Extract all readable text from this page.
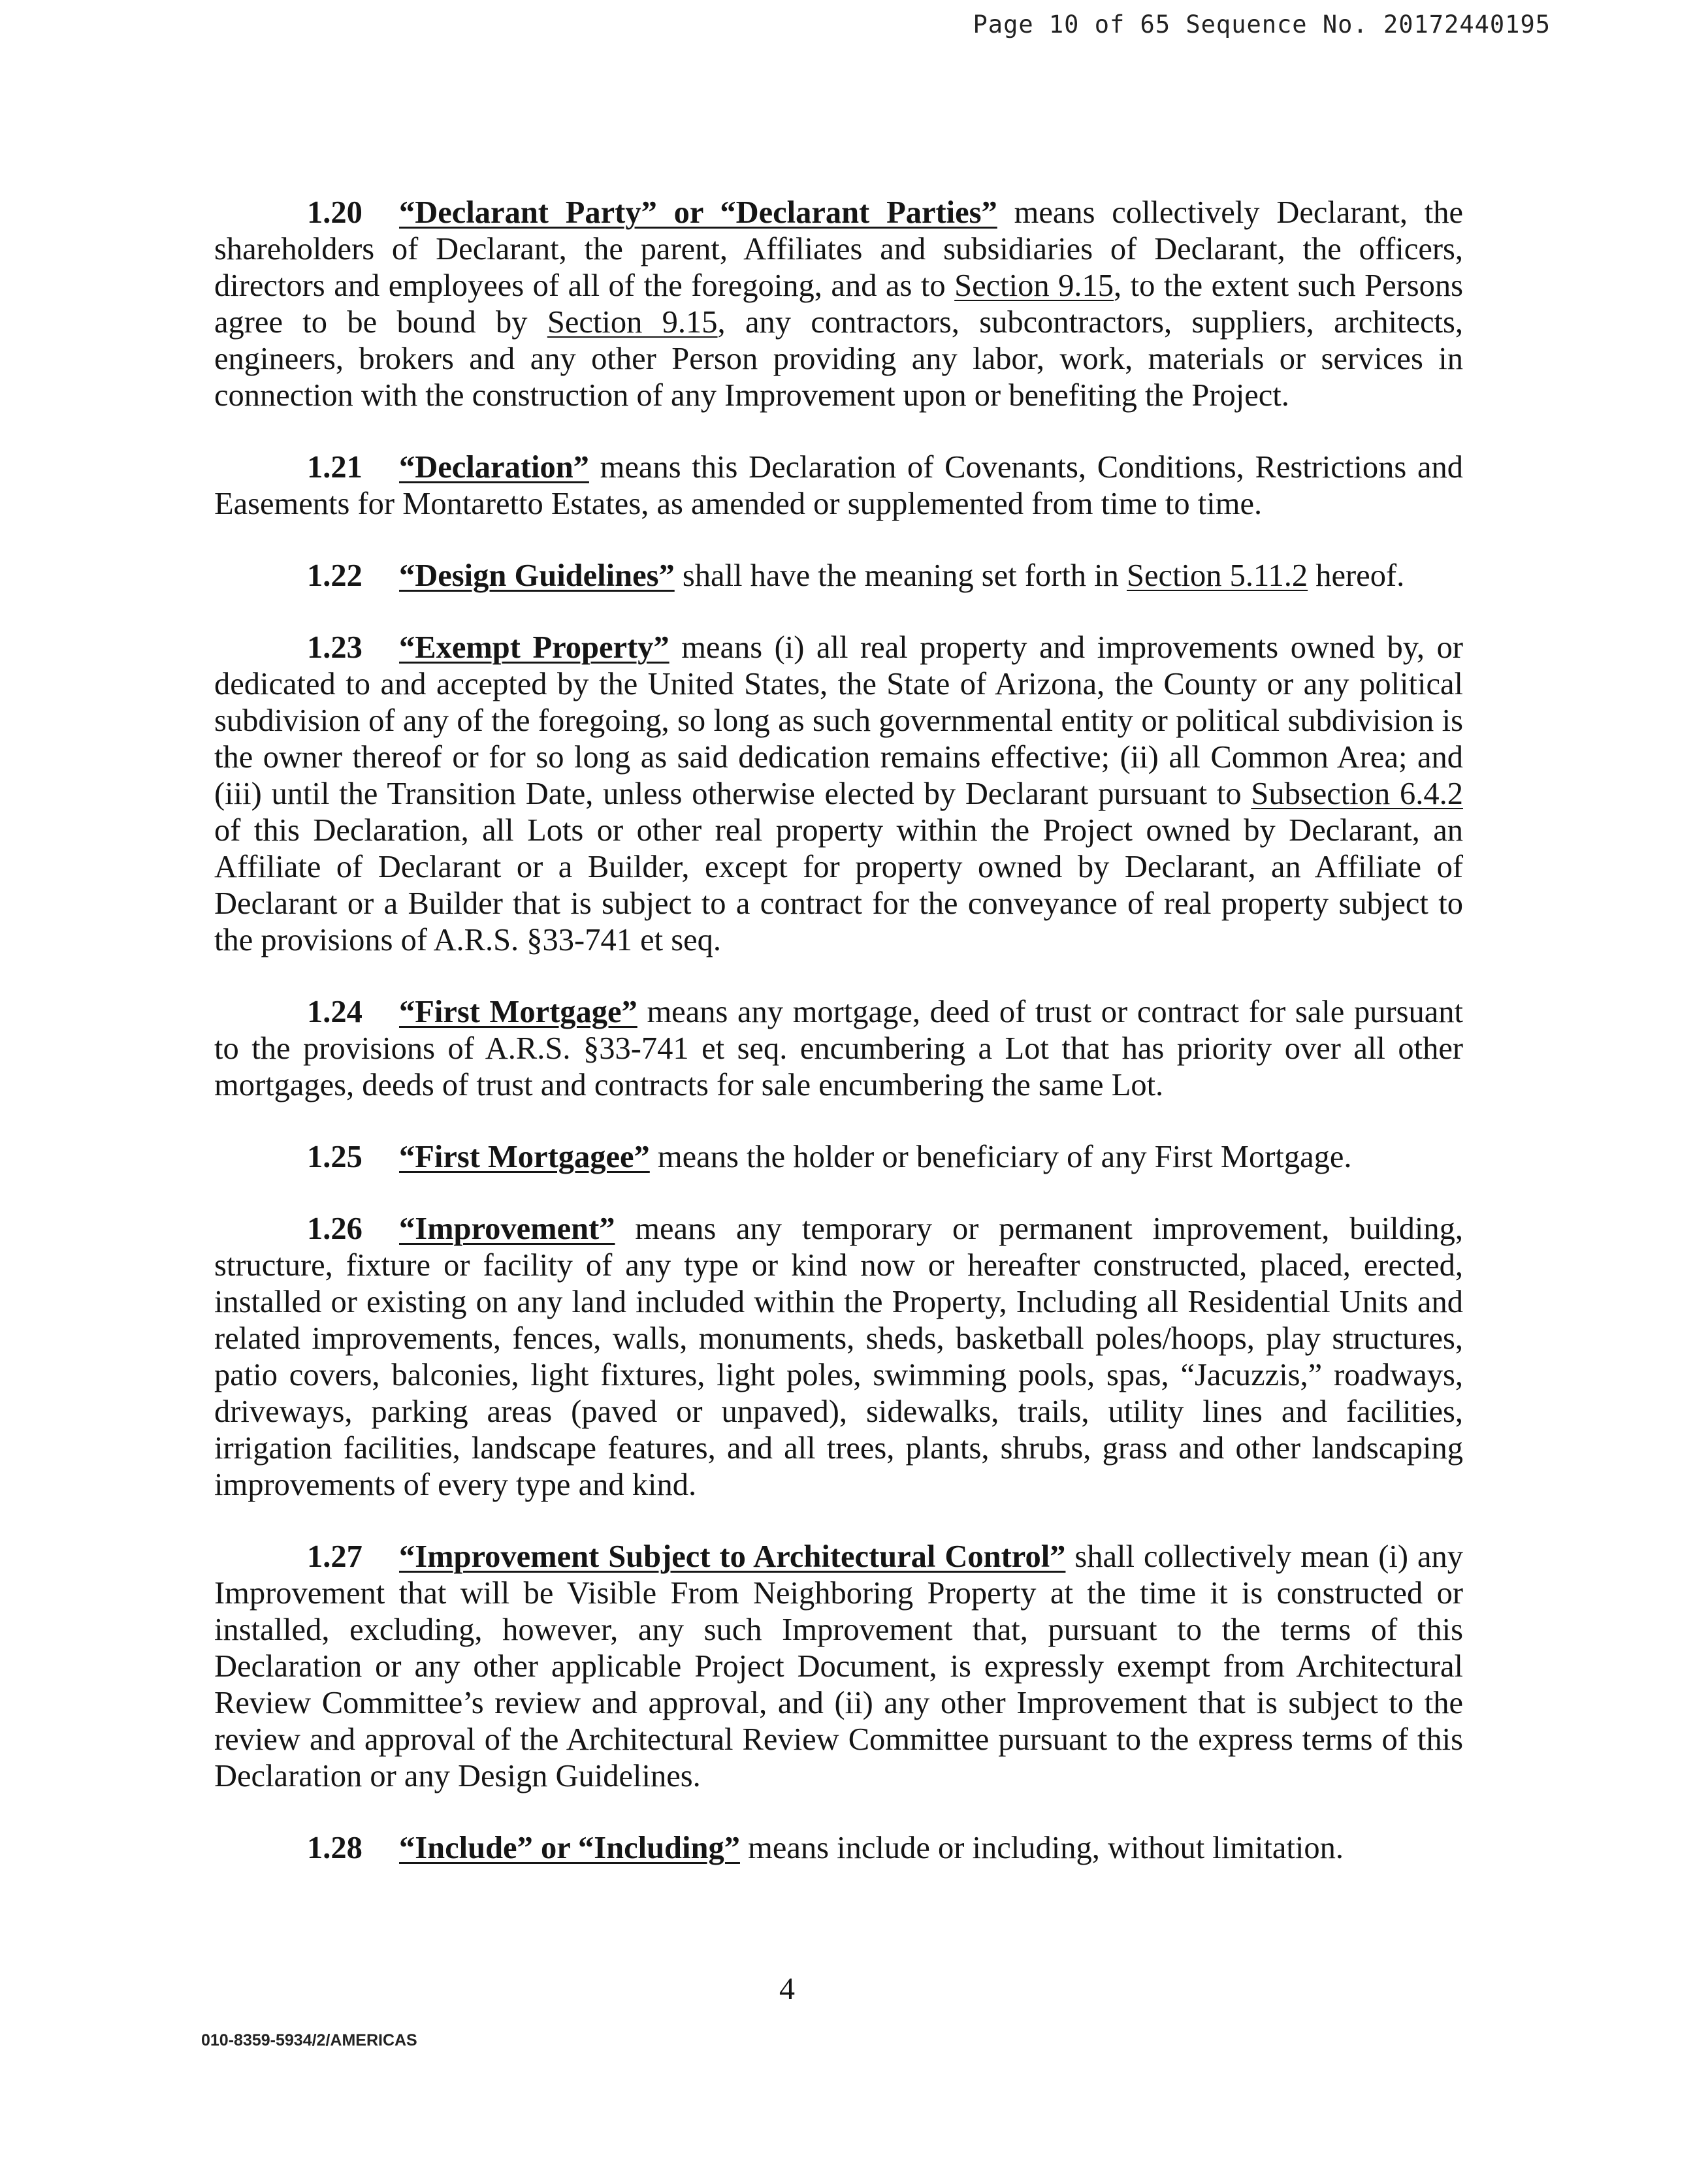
Page 10 of 65 Sequence No. 20172440195

1.20 “Declarant Party” or “Declarant Parties” means collectively Declarant, the shareholders of Declarant, the parent, Affiliates and subsidiaries of Declarant, the officers, directors and employees of all of the foregoing, and as to Section 9.15, to the extent such Persons agree to be bound by Section 9.15, any contractors, subcontractors, suppliers, architects, engineers, brokers and any other Person providing any labor, work, materials or services in connection with the construction of any Improvement upon or benefiting the Project.

1.21 “Declaration” means this Declaration of Covenants, Conditions, Restrictions and Easements for Montaretto Estates, as amended or supplemented from time to time.

1.22 “Design Guidelines” shall have the meaning set forth in Section 5.11.2 hereof.

1.23 “Exempt Property” means (i) all real property and improvements owned by, or dedicated to and accepted by the United States, the State of Arizona, the County or any political subdivision of any of the foregoing, so long as such governmental entity or political subdivision is the owner thereof or for so long as said dedication remains effective; (ii) all Common Area; and (iii) until the Transition Date, unless otherwise elected by Declarant pursuant to Subsection 6.4.2 of this Declaration, all Lots or other real property within the Project owned by Declarant, an Affiliate of Declarant or a Builder, except for property owned by Declarant, an Affiliate of Declarant or a Builder that is subject to a contract for the conveyance of real property subject to the provisions of A.R.S. §33-741 et seq.

1.24 “First Mortgage” means any mortgage, deed of trust or contract for sale pursuant to the provisions of A.R.S. §33-741 et seq. encumbering a Lot that has priority over all other mortgages, deeds of trust and contracts for sale encumbering the same Lot.

1.25 “First Mortgagee” means the holder or beneficiary of any First Mortgage.

1.26 “Improvement” means any temporary or permanent improvement, building, structure, fixture or facility of any type or kind now or hereafter constructed, placed, erected, installed or existing on any land included within the Property, Including all Residential Units and related improvements, fences, walls, monuments, sheds, basketball poles/hoops, play structures, patio covers, balconies, light fixtures, light poles, swimming pools, spas, “Jacuzzis,” roadways, driveways, parking areas (paved or unpaved), sidewalks, trails, utility lines and facilities, irrigation facilities, landscape features, and all trees, plants, shrubs, grass and other landscaping improvements of every type and kind.

1.27 “Improvement Subject to Architectural Control” shall collectively mean (i) any Improvement that will be Visible From Neighboring Property at the time it is constructed or installed, excluding, however, any such Improvement that, pursuant to the terms of this Declaration or any other applicable Project Document, is expressly exempt from Architectural Review Committee’s review and approval, and (ii) any other Improvement that is subject to the review and approval of the Architectural Review Committee pursuant to the express terms of this Declaration or any Design Guidelines.

1.28 “Include” or “Including” means include or including, without limitation.

4
010-8359-5934/2/AMERICAS
